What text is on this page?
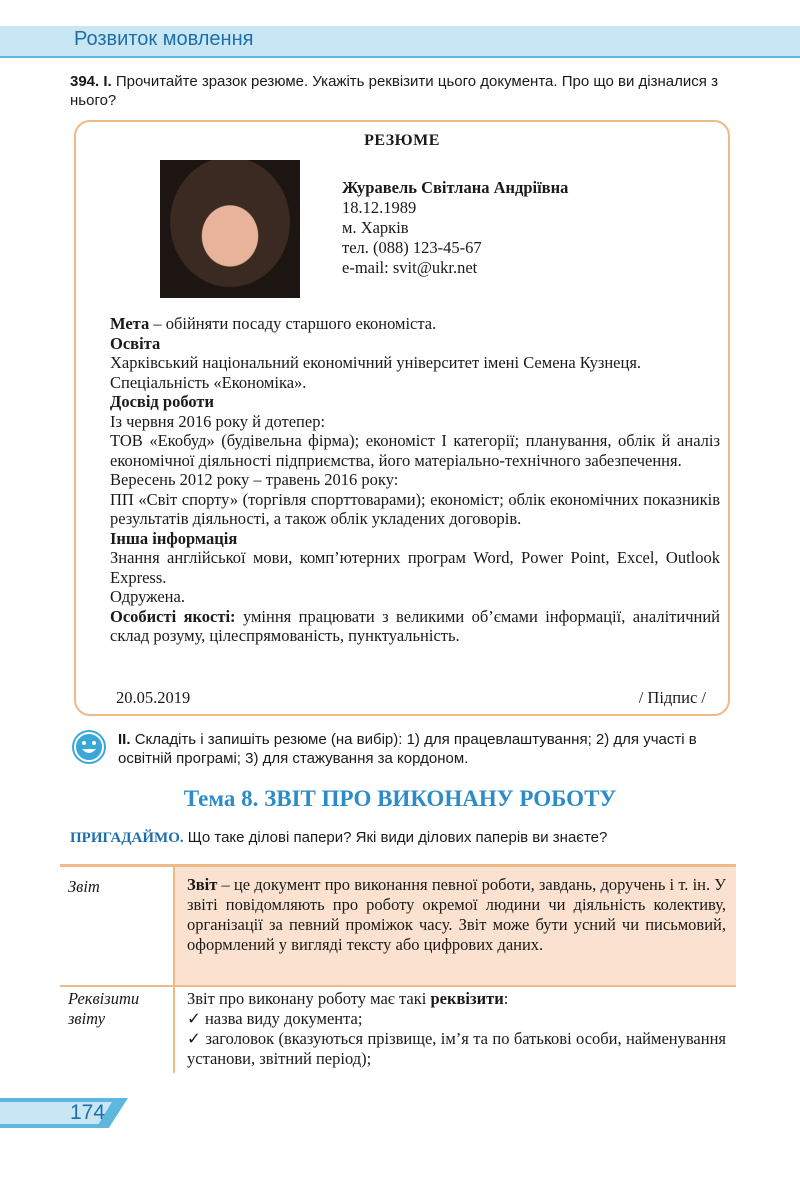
Розвиток мовлення
394. І. Прочитайте зразок резюме. Укажіть реквізити цього документа. Про що ви дізналися з нього?
РЕЗЮМЕ
Журавель Світлана Андріївна
18.12.1989
м. Харків
тел. (088) 123-45-67
e-mail: svit@ukr.net

Мета – обійняти посаду старшого економіста.

Освіта

Харківський національний економічний університет імені Семена Кузнеця.

Спеціальність «Економіка».

Досвід роботи

Із червня 2016 року й дотепер:

ТОВ «Екобуд» (будівельна фірма); економіст І категорії; планування, облік й аналіз економічної діяльності підприємства, його матеріально-технічного забезпечення.

Вересень 2012 року – травень 2016 року:

ПП «Світ спорту» (торгівля спорттоварами); економіст; облік економічних показників результатів діяльності, а також облік укладених договорів.

Інша інформація

Знання англійської мови, комп’ютерних програм Word, Power Point, Excel, Outlook Express.

Одружена.

Особисті якості: уміння працювати з великими об’ємами інформації, аналітичний склад розуму, цілеспрямованість, пунктуальність.

20.05.2019	/ Підпис /
ІІ. Складіть і запишіть резюме (на вибір): 1) для працевлаштування; 2) для участі в освітній програмі; 3) для стажування за кордоном.
Тема 8. ЗВІТ ПРО ВИКОНАНУ РОБОТУ
ПРИГАДАЙМО. Що таке ділові папери? Які види ділових паперів ви знаєте?
Звіт	Звіт – це документ про виконання певної роботи, завдань, доручень і т. ін. У звіті повідомляють про роботу окремої людини чи діяльність колективу, організації за певний проміжок часу. Звіт може бути усний чи письмовий, оформлений у вигляді тексту або цифрових даних.
Реквізити звіту
Звіт про виконану роботу має такі реквізити:
✓ назва виду документа;
✓ заголовок (вказуються прізвище, ім’я та по батькові особи, найменування установи, звітний період);
174
